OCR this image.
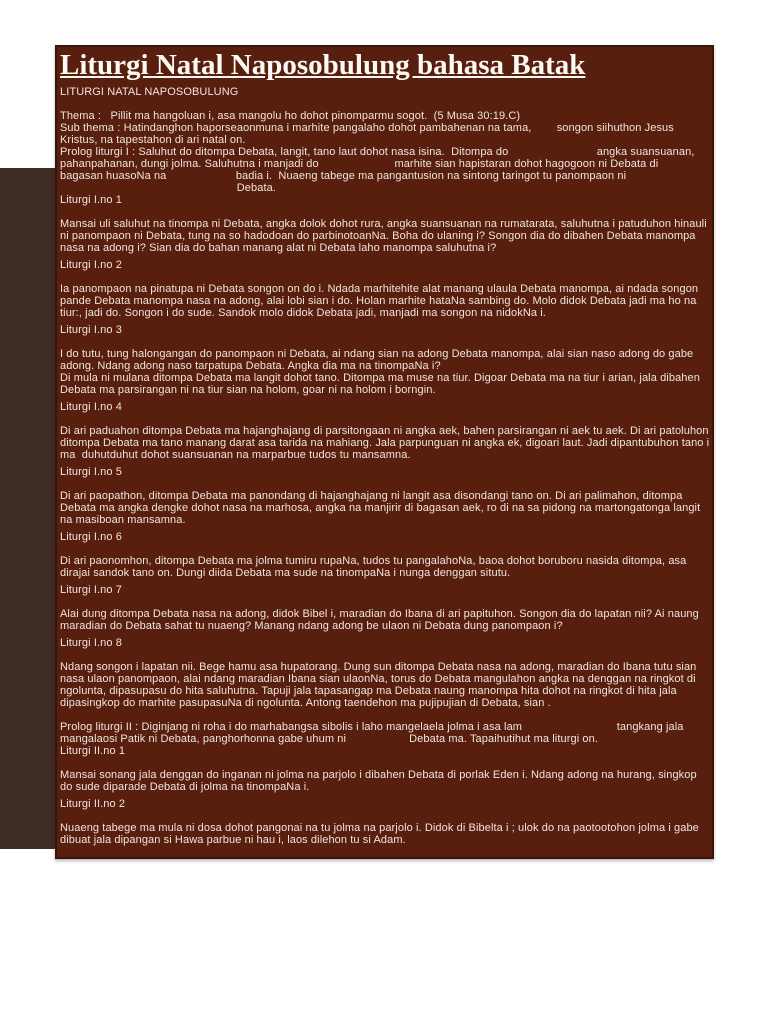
Liturgi Natal Naposobulung bahasa Batak
LITURGI NATAL NAPOSOBULUNG
Thema :   Pillit ma hangoluan i, asa mangolu ho dohot pinomparmu sogot.  (5 Musa 30:19.C)
Sub thema : Hatindanghon haporseaonmuna i marhite pangalaho dohot pambahenan na tama,        songon siihuthon Jesus
Kristus, na tapestahon di ari natal on.
Prolog liturgi I : Saluhut do ditompa Debata, langit, tano laut dohot nasa isina.  Ditompa do                            angka suansuanan,
pahanpahanan, dungi jolma. Saluhutna i manjadi do                        marhite sian hapistaran dohot hagogoon ni Debata di
bagasan huasoNa na                      badia i.  Nuaeng tabege ma pangantusion na sintong taringot tu panompaon ni
Debata.
Liturgi I.no 1
Mansai uli saluhut na tinompa ni Debata, angka dolok dohot rura, angka suansuanan na rumatarata, saluhutna i patuduhon hinauli
ni panompaon ni Debata, tung na so hadodoan do parbinotoanNa. Boha do ulaning i? Songon dia do dibahen Debata manompa
nasa na adong i? Sian dia do bahan manang alat ni Debata laho manompa saluhutna i?
Liturgi I.no 2
Ia panompaon na pinatupa ni Debata songon on do i. Ndada marhitehite alat manang ulaula Debata manompa, ai ndada songon
pande Debata manompa nasa na adong, alai lobi sian i do. Holan marhite hataNa sambing do. Molo didok Debata jadi ma ho na
tiur:, jadi do. Songon i do sude. Sandok molo didok Debata jadi, manjadi ma songon na nidokNa i.
Liturgi I.no 3
I do tutu, tung halongangan do panompaon ni Debata, ai ndang sian na adong Debata manompa, alai sian naso adong do gabe
adong. Ndang adong naso tarpatupa Debata. Angka dia ma na tinompaNa i?
Di mula ni mulana ditompa Debata ma langit dohot tano. Ditompa ma muse na tiur. Digoar Debata ma na tiur i arian, jala dibahen
Debata ma parsirangan ni na tiur sian na holom, goar ni na holom i borngin.
Liturgi I.no 4
Di ari paduahon ditompa Debata ma hajanghajang di parsitongaan ni angka aek, bahen parsirangan ni aek tu aek. Di ari patoluhon
ditompa Debata ma tano manang darat asa tarida na mahiang. Jala parpunguan ni angka ek, digoari laut. Jadi dipantubuhon tano i
ma  duhutduhut dohot suansuanan na marparbue tudos tu mansamna.
Liturgi I.no 5
Di ari paopathon, ditompa Debata ma panondang di hajanghajang ni langit asa disondangi tano on. Di ari palimahon, ditompa
Debata ma angka dengke dohot nasa na marhosa, angka na manjirir di bagasan aek, ro di na sa pidong na martongatonga langit
na masiboan mansamna.
Liturgi I.no 6
Di ari paonomhon, ditompa Debata ma jolma tumiru rupaNa, tudos tu pangalahoNa, baoa dohot boruboru nasida ditompa, asa
dirajai sandok tano on. Dungi diida Debata ma sude na tinompaNa i nunga denggan situtu.
Liturgi I.no 7
Alai dung ditompa Debata nasa na adong, didok Bibel i, maradian do Ibana di ari papituhon. Songon dia do lapatan nii? Ai naung
maradian do Debata sahat tu nuaeng? Manang ndang adong be ulaon ni Debata dung panompaon i?
Liturgi I.no 8
Ndang songon i lapatan nii. Bege hamu asa hupatorang. Dung sun ditompa Debata nasa na adong, maradian do Ibana tutu sian
nasa ulaon panompaon, alai ndang maradian Ibana sian ulaonNa, torus do Debata mangulahon angka na denggan na ringkot di
ngolunta, dipasupasu do hita saluhutna. Tapuji jala tapasangap ma Debata naung manompa hita dohot na ringkot di hita jala
dipasingkop do marhite pasupasuNa di ngolunta. Antong taendehon ma pujipujian di Debata, sian .
Prolog liturgi II : Diginjang ni roha i do marhabangsa sibolis i laho mangelaela jolma i asa lam                              tangkang jala
mangalaosi Patik ni Debata, panghorhonna gabe uhum ni                    Debata ma. Tapaihutihut ma liturgi on.
Liturgi II.no 1
Mansai sonang jala denggan do inganan ni jolma na parjolo i dibahen Debata di porlak Eden i. Ndang adong na hurang, singkop
do sude diparade Debata di jolma na tinompaNa i.
Liturgi II.no 2
Nuaeng tabege ma mula ni dosa dohot pangonai na tu jolma na parjolo i. Didok di Bibelta i ; ulok do na paotootohon jolma i gabe
dibuat jala dipangan si Hawa parbue ni hau i, laos dilehon tu si Adam.
